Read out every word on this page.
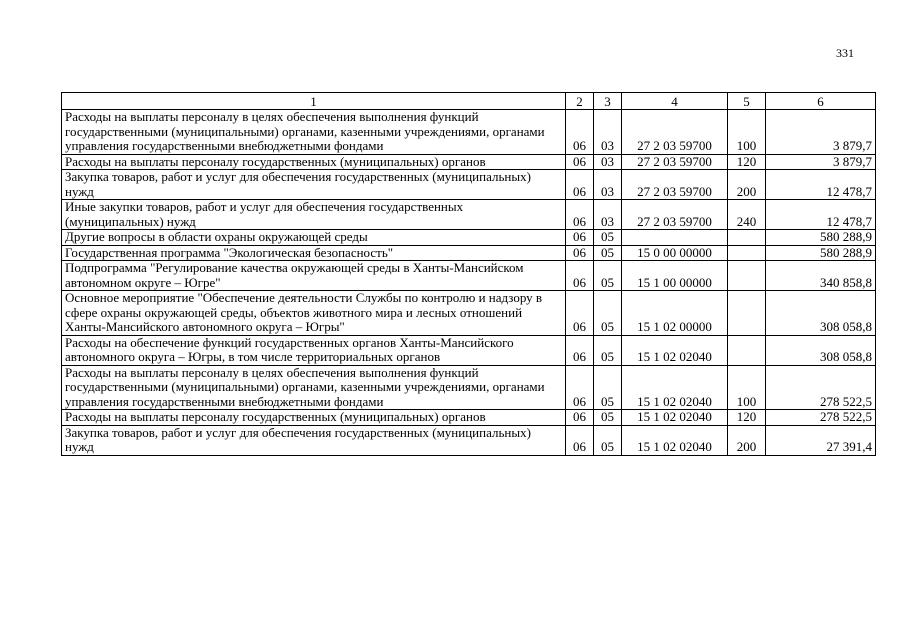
331
1	2	3	4	5	6
Расходы на выплаты персоналу в целях обеспечения выполнения функций государственными (муниципальными) органами, казенными учреждениями, органами управления государственными внебюджетными фондами	06	03	27 2 03 59700	100	3 879,7
Расходы на выплаты персоналу государственных (муниципальных) органов	06	03	27 2 03 59700	120	3 879,7
Закупка товаров, работ и услуг для обеспечения государственных (муниципальных) нужд	06	03	27 2 03 59700	200	12 478,7
Иные закупки товаров, работ и услуг для обеспечения государственных (муниципальных) нужд	06	03	27 2 03 59700	240	12 478,7
Другие вопросы в области охраны окружающей среды	06	05			580 288,9
Государственная программа "Экологическая безопасность"	06	05	15 0 00 00000		580 288,9
Подпрограмма "Регулирование качества окружающей среды в Ханты-Мансийском автономном округе – Югре"	06	05	15 1 00 00000		340 858,8
Основное мероприятие "Обеспечение деятельности Службы по контролю и надзору в сфере охраны окружающей среды, объектов животного мира и лесных отношений Ханты-Мансийского автономного округа – Югры"	06	05	15 1 02 00000		308 058,8
Расходы на обеспечение функций государственных органов Ханты-Мансийского автономного округа – Югры, в том числе территориальных органов	06	05	15 1 02 02040		308 058,8
Расходы на выплаты персоналу в целях обеспечения выполнения функций государственными (муниципальными) органами, казенными учреждениями, органами управления государственными внебюджетными фондами	06	05	15 1 02 02040	100	278 522,5
Расходы на выплаты персоналу государственных (муниципальных) органов	06	05	15 1 02 02040	120	278 522,5
Закупка товаров, работ и услуг для обеспечения государственных (муниципальных) нужд	06	05	15 1 02 02040	200	27 391,4
